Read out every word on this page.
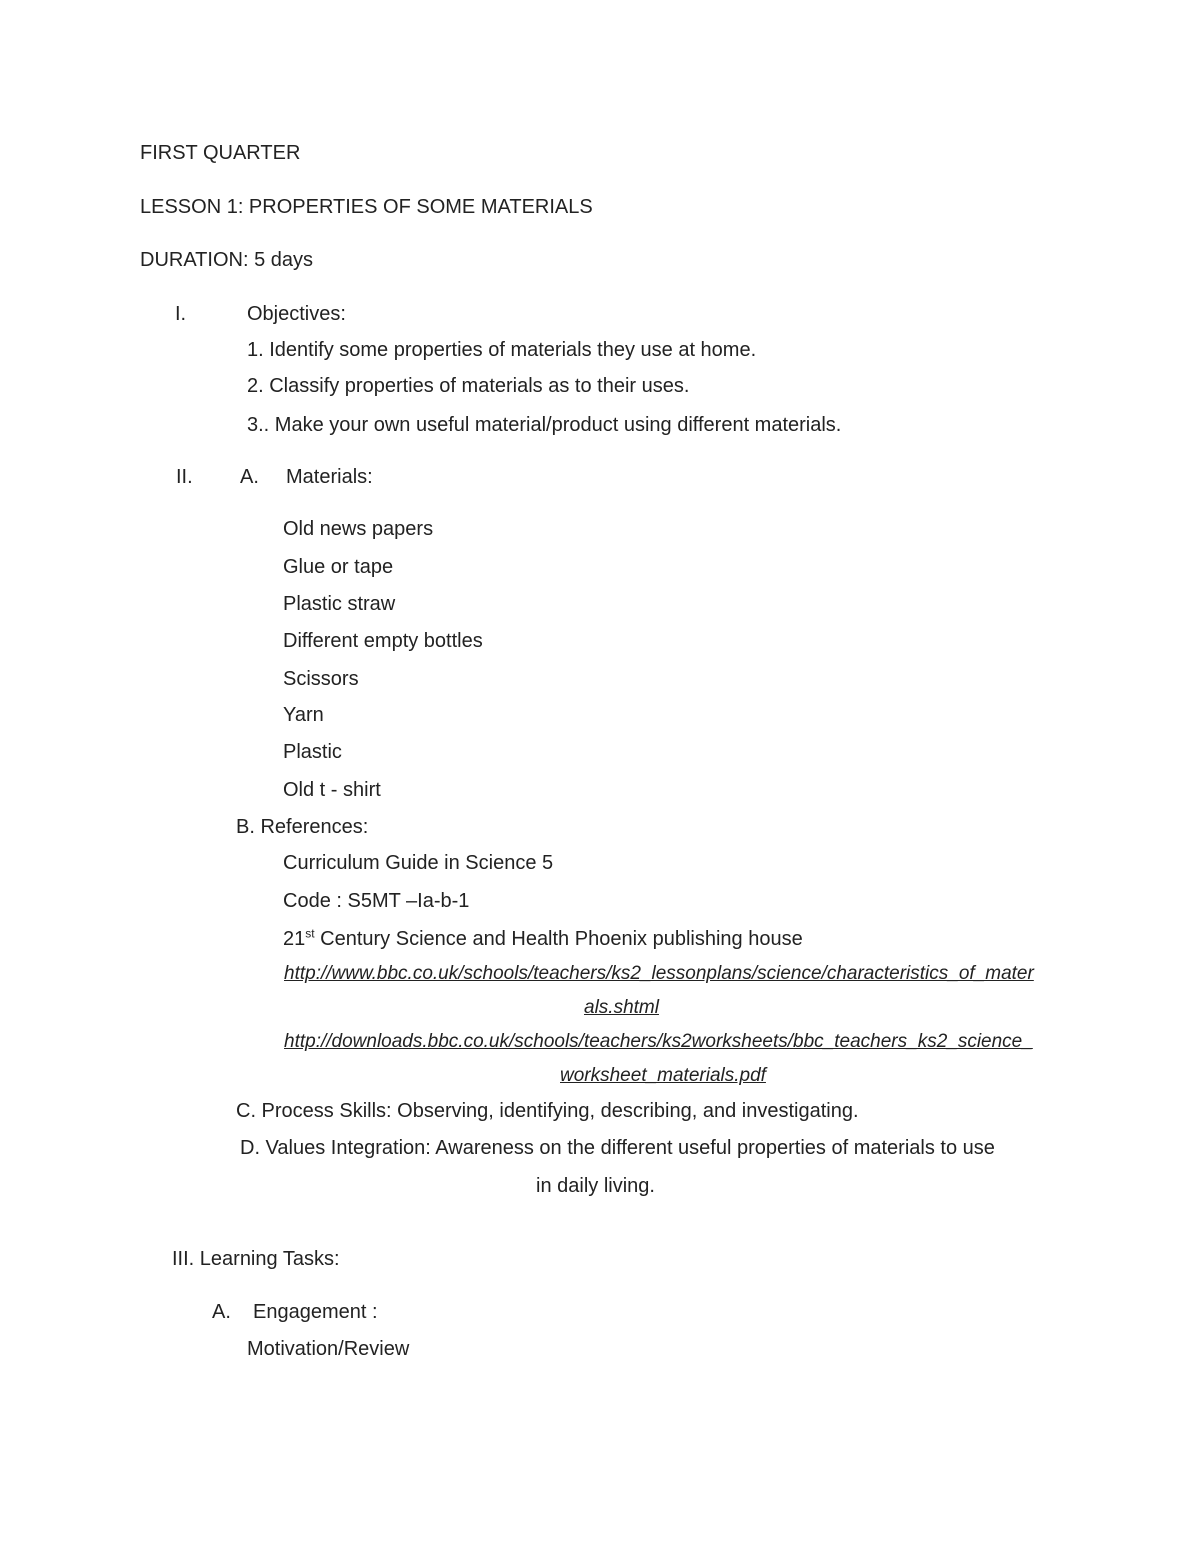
FIRST QUARTER
LESSON 1: PROPERTIES OF SOME MATERIALS
DURATION: 5 days
I.	Objectives:
1. Identify some properties of materials they use at home.
2. Classify properties of materials as to their uses.
3.. Make your own useful material/product using different materials.
II. A. Materials:
Old news papers
Glue or tape
Plastic straw
Different empty bottles
Scissors
Yarn
Plastic
Old t - shirt
B. References:
Curriculum Guide in Science 5
Code : S5MT –Ia-b-1
21st Century Science and Health Phoenix publishing house
http://www.bbc.co.uk/schools/teachers/ks2_lessonplans/science/characteristics_of_mater
als.shtml
http://downloads.bbc.co.uk/schools/teachers/ks2worksheets/bbc_teachers_ks2_science_
worksheet_materials.pdf
C. Process Skills: Observing, identifying, describing, and investigating.
D. Values Integration: Awareness on the different useful properties of materials to use
in daily living.
III. Learning Tasks:
A. Engagement :
Motivation/Review
